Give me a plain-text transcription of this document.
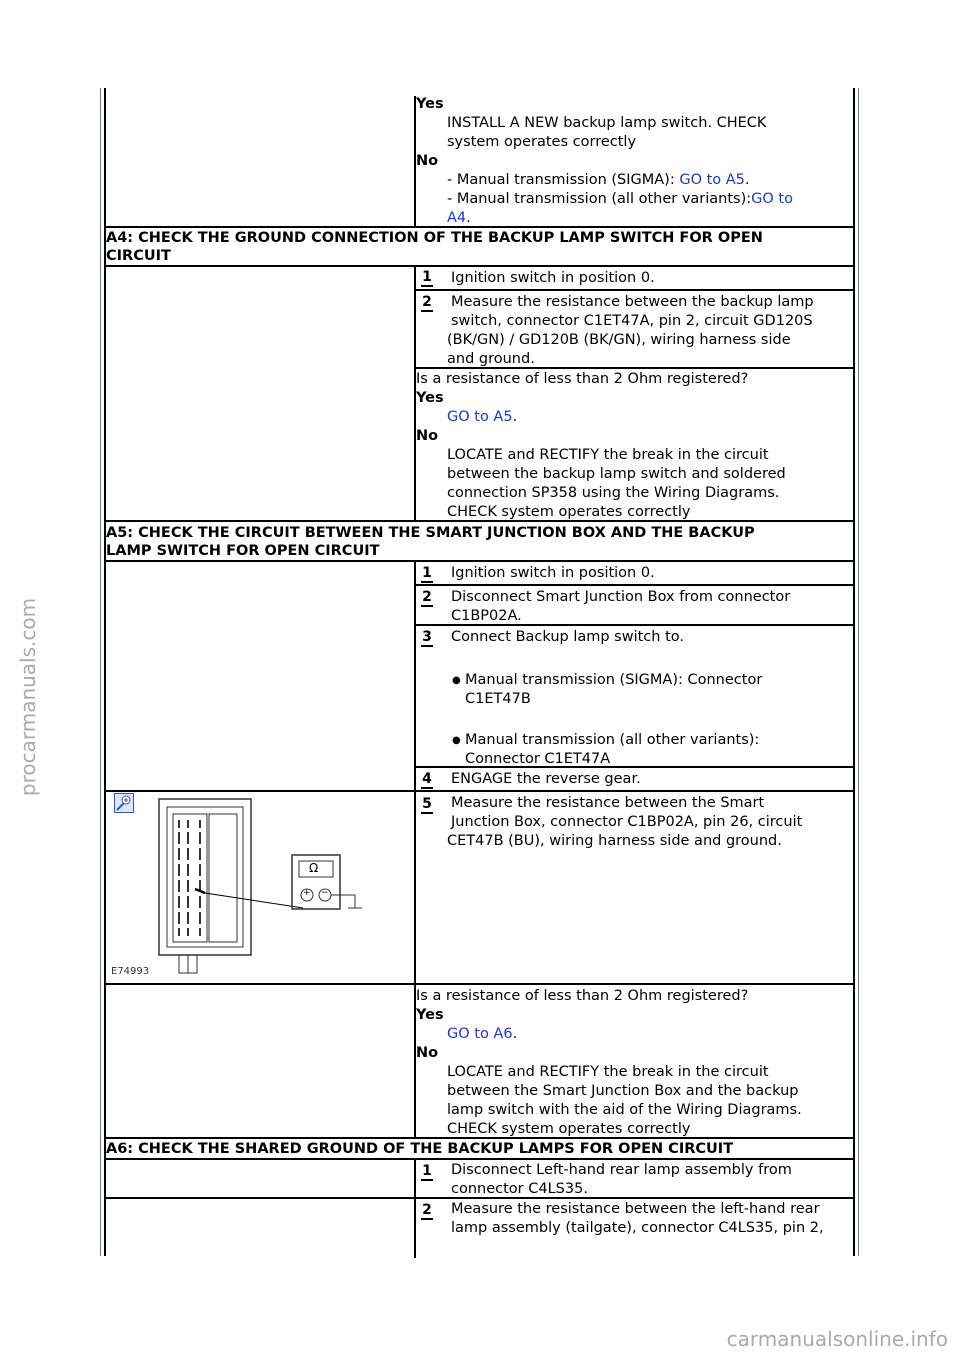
Yes
INSTALL A NEW backup lamp switch. CHECK
system operates correctly
No
- Manual transmission (SIGMA): GO to A5.
- Manual transmission (all other variants):GO to
A4.
A4: CHECK THE GROUND CONNECTION OF THE BACKUP LAMP SWITCH FOR OPEN
CIRCUIT
1 Ignition switch in position 0.
2 Measure the resistance between the backup lamp
switch, connector C1ET47A, pin 2, circuit GD120S
(BK/GN) / GD120B (BK/GN), wiring harness side
and ground.
Is a resistance of less than 2 Ohm registered?
Yes
GO to A5.
No
LOCATE and RECTIFY the break in the circuit
between the backup lamp switch and soldered
connection SP358 using the Wiring Diagrams.
CHECK system operates correctly
A5: CHECK THE CIRCUIT BETWEEN THE SMART JUNCTION BOX AND THE BACKUP
LAMP SWITCH FOR OPEN CIRCUIT
1 Ignition switch in position 0.
2 Disconnect Smart Junction Box from connector
C1BP02A.
3 Connect Backup lamp switch to.
● Manual transmission (SIGMA): Connector
C1ET47B
● Manual transmission (all other variants):
Connector C1ET47A
4 ENGAGE the reverse gear.
5 Measure the resistance between the Smart
Junction Box, connector C1BP02A, pin 26, circuit
CET47B (BU), wiring harness side and ground.
Ω
+ −
E74993
Is a resistance of less than 2 Ohm registered?
Yes
GO to A6.
No
LOCATE and RECTIFY the break in the circuit
between the Smart Junction Box and the backup
lamp switch with the aid of the Wiring Diagrams.
CHECK system operates correctly
A6: CHECK THE SHARED GROUND OF THE BACKUP LAMPS FOR OPEN CIRCUIT
1 Disconnect Left-hand rear lamp assembly from
connector C4LS35.
2 Measure the resistance between the left-hand rear
lamp assembly (tailgate), connector C4LS35, pin 2,
procarmanuals.com
carmanualsonline.info
